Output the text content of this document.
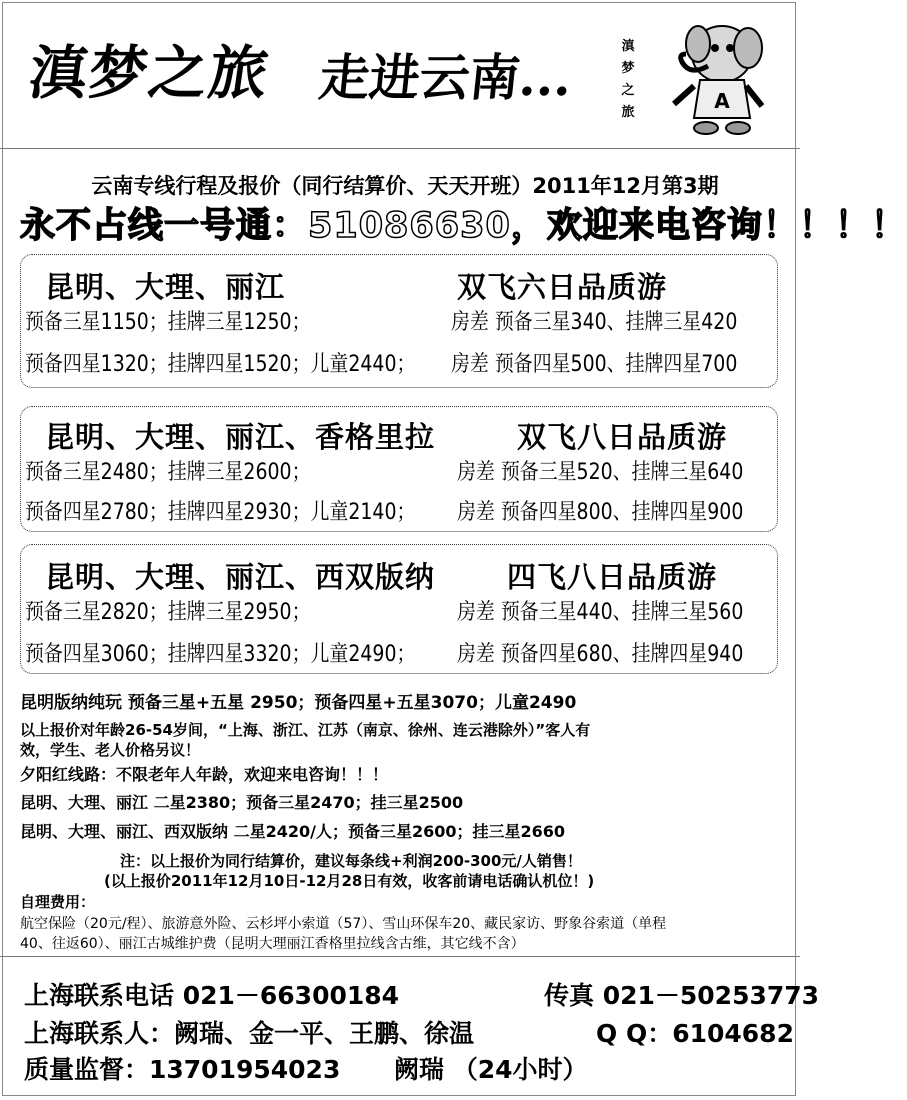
滇梦之旅 走进云南...
滇
梦
之
旅	A
云南专线行程及报价（同行结算价、天天开班）2011年12月第3期
永不占线一号通：51086630，欢迎来电咨询！！！！
昆明、大理、丽江	双飞六日品质游
预备三星1150；挂牌三星1250；	房差 预备三星340、挂牌三星420
预备四星1320；挂牌四星1520；儿童2440； 房差 预备四星500、挂牌四星700
昆明、大理、丽江、香格里拉	双飞八日品质游
预备三星2480；挂牌三星2600；	房差 预备三星520、挂牌三星640
预备四星2780；挂牌四星2930；儿童2140； 房差 预备四星800、挂牌四星900
昆明、大理、丽江、西双版纳 四飞八日品质游
预备三星2820；挂牌三星2950；	房差 预备三星440、挂牌三星560
预备四星3060；挂牌四星3320；儿童2490； 房差 预备四星680、挂牌四星940
昆明版纳纯玩 预备三星+五星 2950；预备四星+五星3070；儿童2490
以上报价对年龄26-54岁间，“上海、浙江、江苏（南京、徐州、连云港除外）”客人有
效，学生、老人价格另议！
夕阳红线路：不限老年人年龄，欢迎来电咨询！！！
昆明、大理、丽江 二星2380；预备三星2470；挂三星2500
昆明、大理、丽江、西双版纳 二星2420/人；预备三星2600；挂三星2660
注：以上报价为同行结算价，建议每条线+利润200-300元/人销售！
(以上报价2011年12月10日-12月28日有效，收客前请电话确认机位！)
自理费用：
航空保险（20元/程）、旅游意外险、云杉坪小索道（57）、雪山环保车20、藏民家访、野象谷索道（单程
40、往返60）、丽江古城维护费（昆明大理丽江香格里拉线含古维，其它线不含）
上海联系电话 021－66300184	传真 021－50253773
上海联系人：阙瑞、金一平、王鹏、徐温	Q Q：6104682
质量监督：13701954023 阙瑞 （24小时）
